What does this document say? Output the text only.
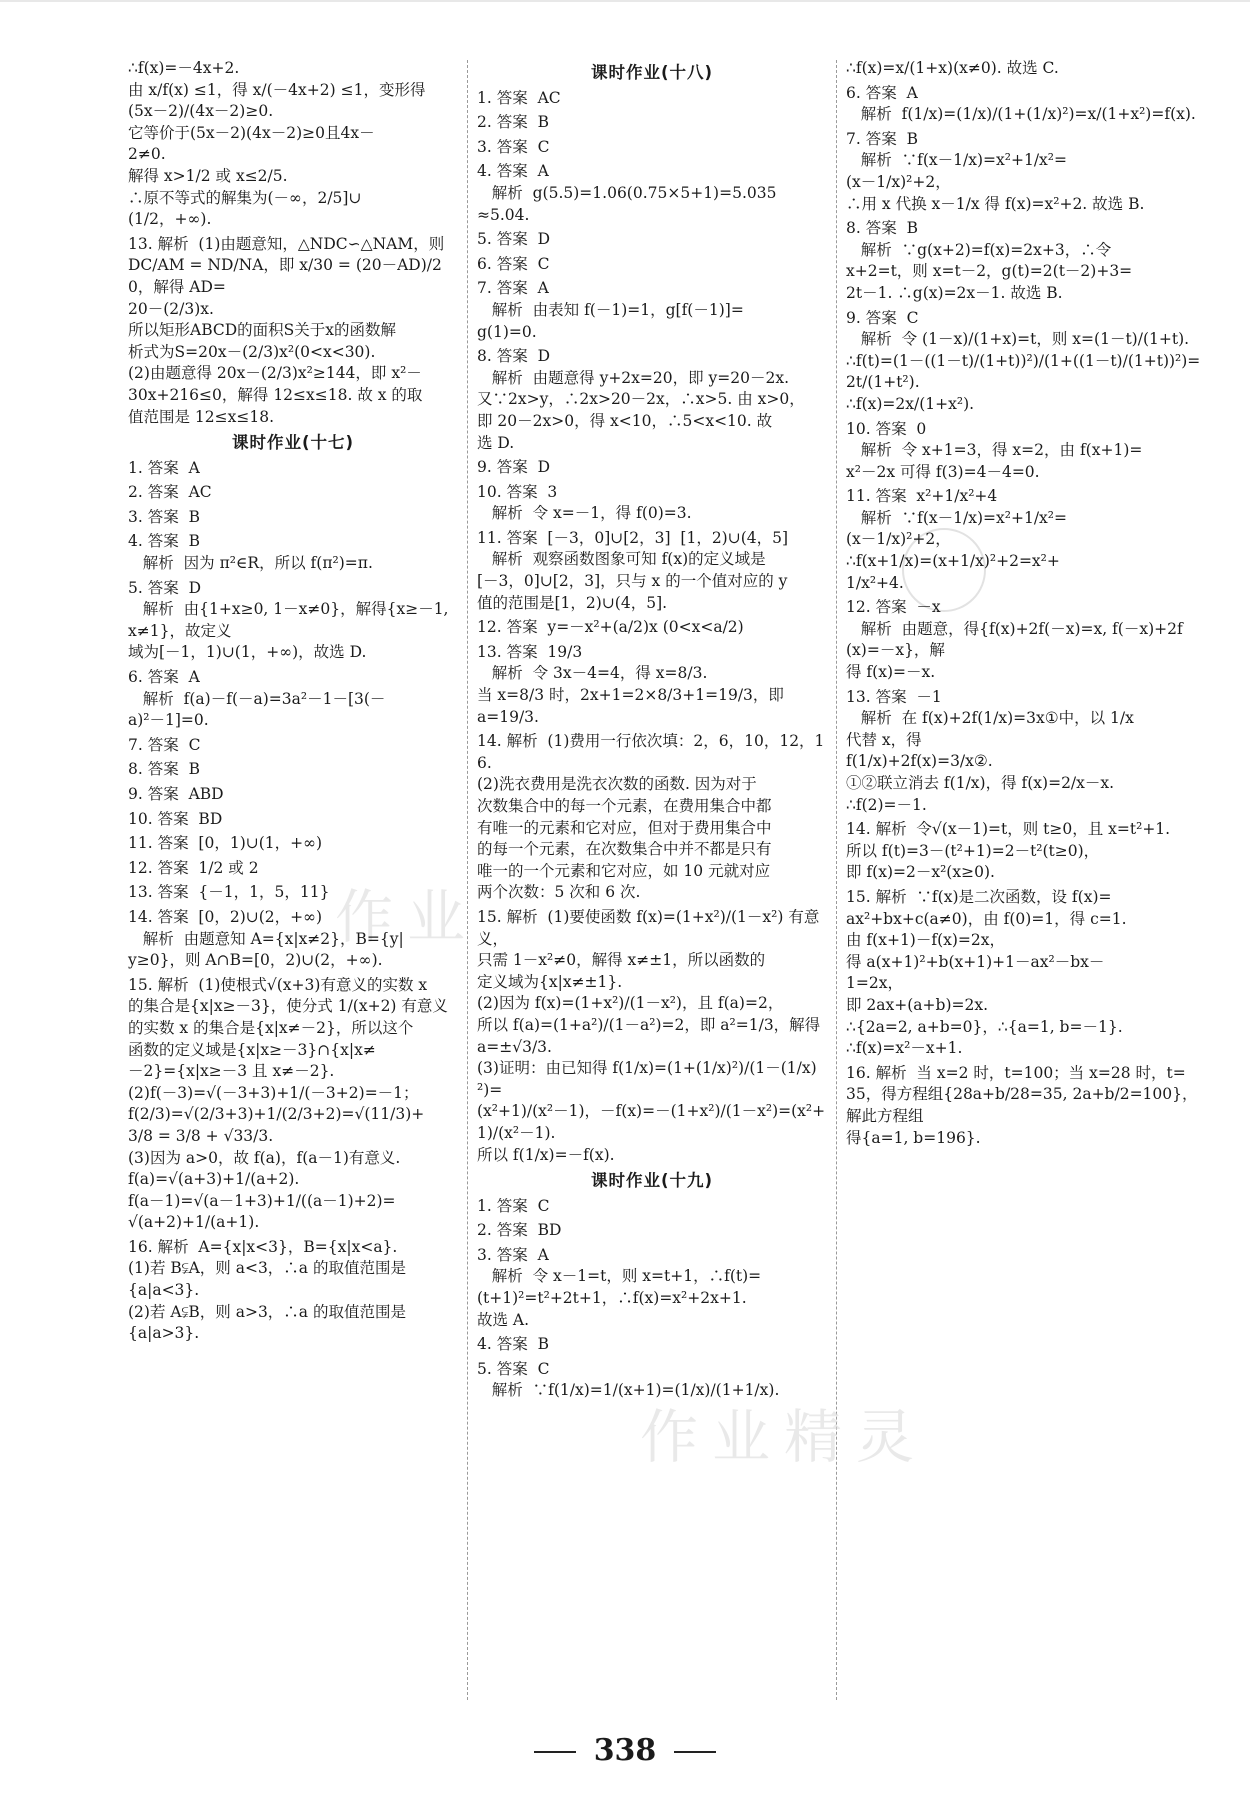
作业
作业精灵
∴f(x)=－4x+2.
由 x/f(x) ≤1，得 x/(－4x+2) ≤1，变形得
(5x－2)/(4x－2)≥0.
它等价于(5x－2)(4x－2)≥0且4x－
2≠0.
解得 x>1/2 或 x≤2/5.
∴原不等式的解集为(－∞，2/5]∪
(1/2，+∞).
13. 解析  (1)由题意知，△NDC∽△NAM，则
DC/AM = ND/NA，即 x/30 = (20－AD)/20，解得 AD=
20－(2/3)x.
所以矩形ABCD的面积S关于x的函数解
析式为S=20x－(2/3)x²(0<x<30).
(2)由题意得 20x－(2/3)x²≥144，即 x²－
30x+216≤0，解得 12≤x≤18. 故 x 的取
值范围是 12≤x≤18.
课时作业(十七)
1. 答案  A
2. 答案  AC
3. 答案  B
4. 答案  B
解析  因为 π²∈R，所以 f(π²)=π.
5. 答案  D
解析  由{1+x≥0, 1－x≠0}，解得{x≥－1, x≠1}，故定义
域为[－1，1)∪(1，+∞)，故选 D.
6. 答案  A
解析  f(a)－f(－a)=3a²－1－[3(－
a)²－1]=0.
7. 答案  C
8. 答案  B
9. 答案  ABD
10. 答案  BD
11. 答案  [0，1)∪(1，+∞)
12. 答案  1/2 或 2
13. 答案  {－1，1，5，11}
14. 答案  [0，2)∪(2，+∞)
解析  由题意知 A={x|x≠2}，B={y|
y≥0}，则 A∩B=[0，2)∪(2，+∞).
15. 解析  (1)使根式√(x+3)有意义的实数 x
的集合是{x|x≥－3}，使分式 1/(x+2) 有意义
的实数 x 的集合是{x|x≠－2}，所以这个
函数的定义域是{x|x≥－3}∩{x|x≠
－2}={x|x≥－3 且 x≠－2}.
(2)f(－3)=√(－3+3)+1/(－3+2)=－1；
f(2/3)=√(2/3+3)+1/(2/3+2)=√(11/3)+
3/8 = 3/8 + √33/3.
(3)因为 a>0，故 f(a)，f(a－1)有意义.
f(a)=√(a+3)+1/(a+2).
f(a－1)=√(a－1+3)+1/((a－1)+2)=
√(a+2)+1/(a+1).
16. 解析  A={x|x<3}，B={x|x<a}.
(1)若 B⫋A，则 a<3，∴a 的取值范围是
{a|a<3}.
(2)若 A⫋B，则 a>3，∴a 的取值范围是
{a|a>3}.
课时作业(十八)
1. 答案  AC
2. 答案  B
3. 答案  C
4. 答案  A
解析  g(5.5)=1.06(0.75×5+1)=5.035
≈5.04.
5. 答案  D
6. 答案  C
7. 答案  A
解析  由表知 f(－1)=1，g[f(－1)]=
g(1)=0.
8. 答案  D
解析  由题意得 y+2x=20，即 y=20－2x.
又∵2x>y，∴2x>20－2x，∴x>5. 由 x>0，
即 20－2x>0，得 x<10，∴5<x<10. 故
选 D.
9. 答案  D
10. 答案  3
解析  令 x=－1，得 f(0)=3.
11. 答案  [－3，0]∪[2，3]  [1，2)∪(4，5]
解析  观察函数图象可知 f(x)的定义域是
[－3，0]∪[2，3]，只与 x 的一个值对应的 y
值的范围是[1，2)∪(4，5].
12. 答案  y=－x²+(a/2)x (0<x<a/2)
13. 答案  19/3
解析  令 3x－4=4，得 x=8/3.
当 x=8/3 时，2x+1=2×8/3+1=19/3，即
a=19/3.
14. 解析  (1)费用一行依次填：2，6，10，12，16.
(2)洗衣费用是洗衣次数的函数. 因为对于
次数集合中的每一个元素，在费用集合中都
有唯一的元素和它对应，但对于费用集合中
的每一个元素，在次数集合中并不都是只有
唯一的一个元素和它对应，如 10 元就对应
两个次数：5 次和 6 次.
15. 解析  (1)要使函数 f(x)=(1+x²)/(1－x²) 有意义，
只需 1－x²≠0，解得 x≠±1，所以函数的
定义域为{x|x≠±1}.
(2)因为 f(x)=(1+x²)/(1－x²)，且 f(a)=2，
所以 f(a)=(1+a²)/(1－a²)=2，即 a²=1/3，解得
a=±√3/3.
(3)证明：由已知得 f(1/x)=(1+(1/x)²)/(1－(1/x)²)=
(x²+1)/(x²－1)，－f(x)=－(1+x²)/(1－x²)=(x²+1)/(x²－1).
所以 f(1/x)=－f(x).
课时作业(十九)
1. 答案  C
2. 答案  BD
3. 答案  A
解析  令 x－1=t，则 x=t+1，∴f(t)=
(t+1)²=t²+2t+1，∴f(x)=x²+2x+1.
故选 A.
4. 答案  B
5. 答案  C
解析  ∵f(1/x)=1/(x+1)=(1/x)/(1+1/x).
∴f(x)=x/(1+x)(x≠0). 故选 C.
6. 答案  A
解析  f(1/x)=(1/x)/(1+(1/x)²)=x/(1+x²)=f(x).
7. 答案  B
解析  ∵f(x－1/x)=x²+1/x²=
(x－1/x)²+2，
∴用 x 代换 x－1/x 得 f(x)=x²+2. 故选 B.
8. 答案  B
解析  ∵g(x+2)=f(x)=2x+3，∴令
x+2=t，则 x=t－2，g(t)=2(t－2)+3=
2t－1. ∴g(x)=2x－1. 故选 B.
9. 答案  C
解析  令 (1－x)/(1+x)=t，则 x=(1－t)/(1+t).
∴f(t)=(1－((1－t)/(1+t))²)/(1+((1－t)/(1+t))²)=2t/(1+t²).
∴f(x)=2x/(1+x²).
10. 答案  0
解析  令 x+1=3，得 x=2，由 f(x+1)=
x²－2x 可得 f(3)=4－4=0.
11. 答案  x²+1/x²+4
解析  ∵f(x－1/x)=x²+1/x²=
(x－1/x)²+2，
∴f(x+1/x)=(x+1/x)²+2=x²+
1/x²+4.
12. 答案  －x
解析  由题意，得{f(x)+2f(－x)=x, f(－x)+2f(x)=－x}，解
得 f(x)=－x.
13. 答案  －1
解析  在 f(x)+2f(1/x)=3x①中，以 1/x
代替 x，得
f(1/x)+2f(x)=3/x②.
①②联立消去 f(1/x)，得 f(x)=2/x－x.
∴f(2)=－1.
14. 解析  令√(x－1)=t，则 t≥0，且 x=t²+1.
所以 f(t)=3－(t²+1)=2－t²(t≥0)，
即 f(x)=2－x²(x≥0).
15. 解析  ∵f(x)是二次函数，设 f(x)=
ax²+bx+c(a≠0)，由 f(0)=1，得 c=1.
由 f(x+1)－f(x)=2x，
得 a(x+1)²+b(x+1)+1－ax²－bx－
1=2x，
即 2ax+(a+b)=2x.
∴{2a=2, a+b=0}，∴{a=1, b=－1}.
∴f(x)=x²－x+1.
16. 解析  当 x=2 时，t=100；当 x=28 时，t=
35，得方程组{28a+b/28=35, 2a+b/2=100}，解此方程组
得{a=1, b=196}.
338
